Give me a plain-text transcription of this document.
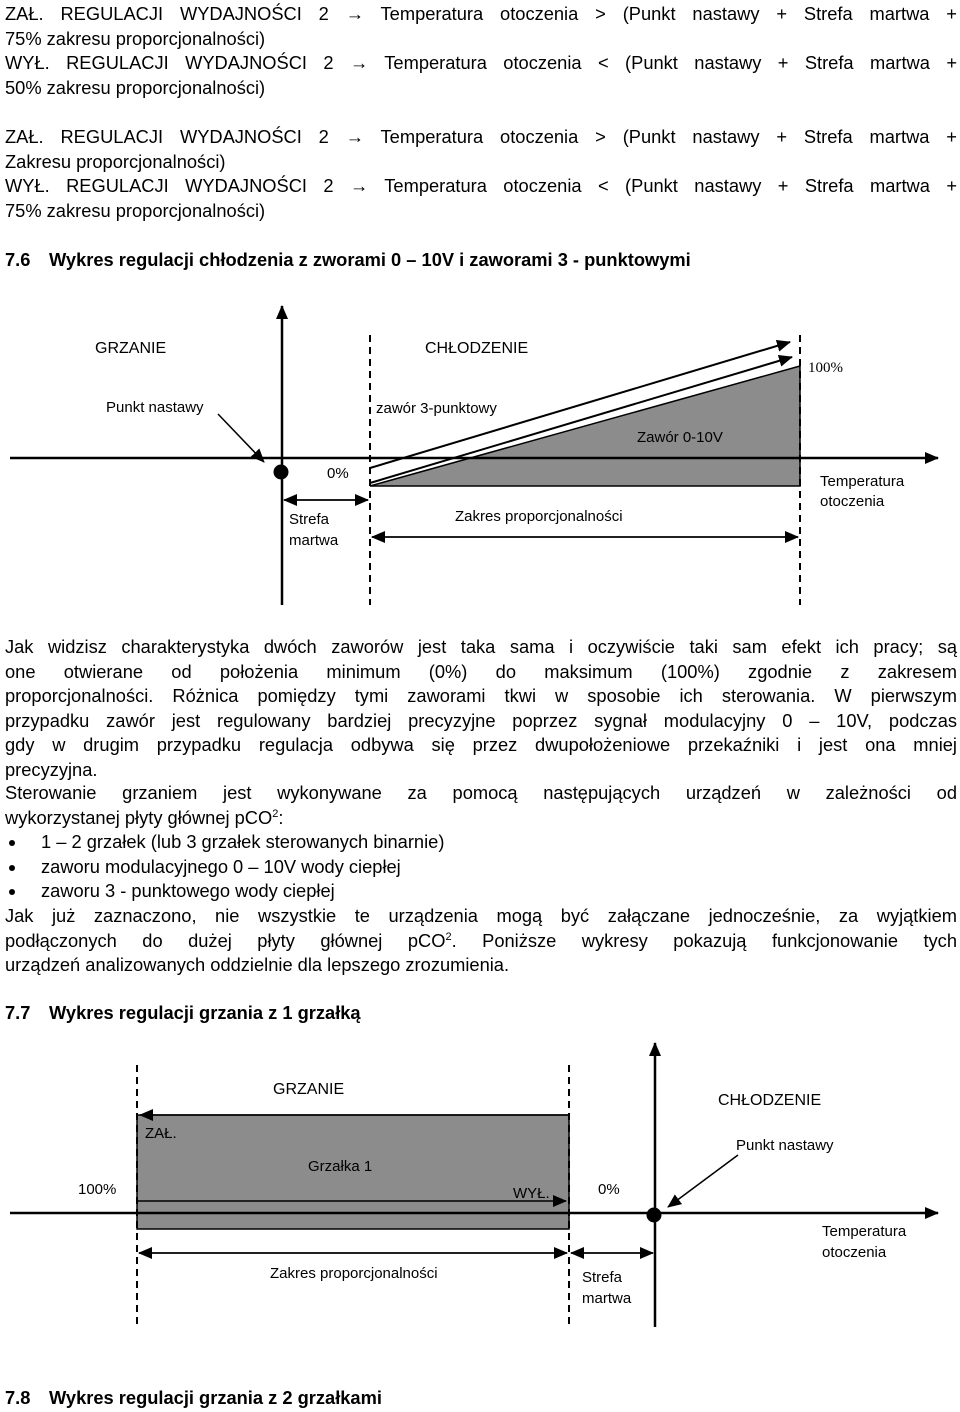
ZAŁ. REGULACJI WYDAJNOŚCI 2 → Temperatura otoczenia > (Punkt nastawy + Strefa martwa +
75% zakresu proporcjonalności)
WYŁ. REGULACJI WYDAJNOŚCI 2 → Temperatura otoczenia < (Punkt nastawy + Strefa martwa +
50% zakresu proporcjonalności)
ZAŁ. REGULACJI WYDAJNOŚCI 2 → Temperatura otoczenia > (Punkt nastawy + Strefa martwa +
Zakresu proporcjonalności)
WYŁ. REGULACJI WYDAJNOŚCI 2 → Temperatura otoczenia < (Punkt nastawy + Strefa martwa +
75% zakresu proporcjonalności)
7.6 Wykres regulacji chłodzenia z zworami 0 – 10V i zaworami 3 - punktowymi
GRZANIE	CHŁODZENIE
Punkt nastawy	zawór 3-punktowy
Zawór 0-10V
100%
0%	Temperatura
otoczenia
Strefa
martwa
Zakres proporcjonalności
Jak widzisz charakterystyka dwóch zaworów jest taka sama i oczywiście taki sam efekt ich pracy; są
one otwierane od położenia minimum (0%) do maksimum (100%) zgodnie z zakresem
proporcjonalności. Różnica pomiędzy tymi zaworami tkwi w sposobie ich sterowania. W pierwszym
przypadku zawór jest regulowany bardziej precyzyjne poprzez sygnał modulacyjny 0 – 10V, podczas
gdy w drugim przypadku regulacja odbywa się przez dwupołożeniowe przekaźniki i jest ona mniej
precyzyjna.
Sterowanie grzaniem jest wykonywane za pomocą następujących urządzeń w zależności od
wykorzystanej płyty głównej pCO$^2$:
1 – 2 grzałek (lub 3 grzałek sterowanych binarnie)
zaworu modulacyjnego 0 – 10V wody ciepłej
zaworu 3 - punktowego wody ciepłej
Jak już zaznaczono, nie wszystkie te urządzenia mogą być załączane jednocześnie, za wyjątkiem
podłączonych do dużej płyty głównej pCO$^2$. Poniższe wykresy pokazują funkcjonowanie tych
urządzeń analizowanych oddzielnie dla lepszego zrozumienia.
7.7 Wykres regulacji grzania z 1 grzałką
GRZANIE
CHŁODZENIE
ZAŁ.
Grzałka 1
100%	WYŁ.	0%
Punkt nastawy
Temperatura
otoczenia
Zakres proporcjonalności	Strefa
martwa
7.8 Wykres regulacji grzania z 2 grzałkami
